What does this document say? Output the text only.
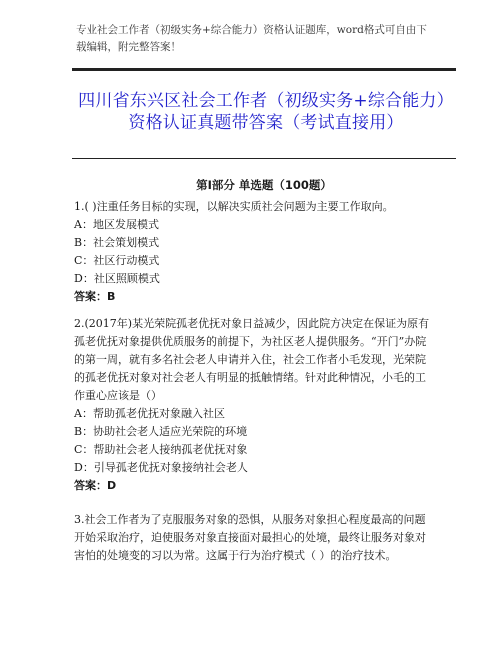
专业社会工作者（初级实务+综合能力）资格认证题库，word格式可自由下载编辑，附完整答案！
四川省东兴区社会工作者（初级实务+综合能力）资格认证真题带答案（考试直接用）
第Ⅰ部分 单选题（100题）

1.( )注重任务目标的实现，以解决实质社会问题为主要工作取向。

A：地区发展模式

B：社会策划模式

C：社区行动模式

D：社区照顾模式

答案：B

2.(2017年)某光荣院孤老优抚对象日益减少，因此院方决定在保证为原有孤老优抚对象提供优质服务的前提下，为社区老人提供服务。“开门”办院的第一周，就有多名社会老人申请并入住，社会工作者小毛发现，光荣院的孤老优抚对象对社会老人有明显的抵触情绪。针对此种情况，小毛的工作重心应该是（）

A：帮助孤老优抚对象融入社区

B：协助社会老人适应光荣院的环境

C：帮助社会老人接纳孤老优抚对象

D：引导孤老优抚对象接纳社会老人

答案：D

3.社会工作者为了克服服务对象的恐惧，从服务对象担心程度最高的问题开始采取治疗，迫使服务对象直接面对最担心的处境，最终让服务对象对害怕的处境变的习以为常。这属于行为治疗模式（ ）的治疗技术。
